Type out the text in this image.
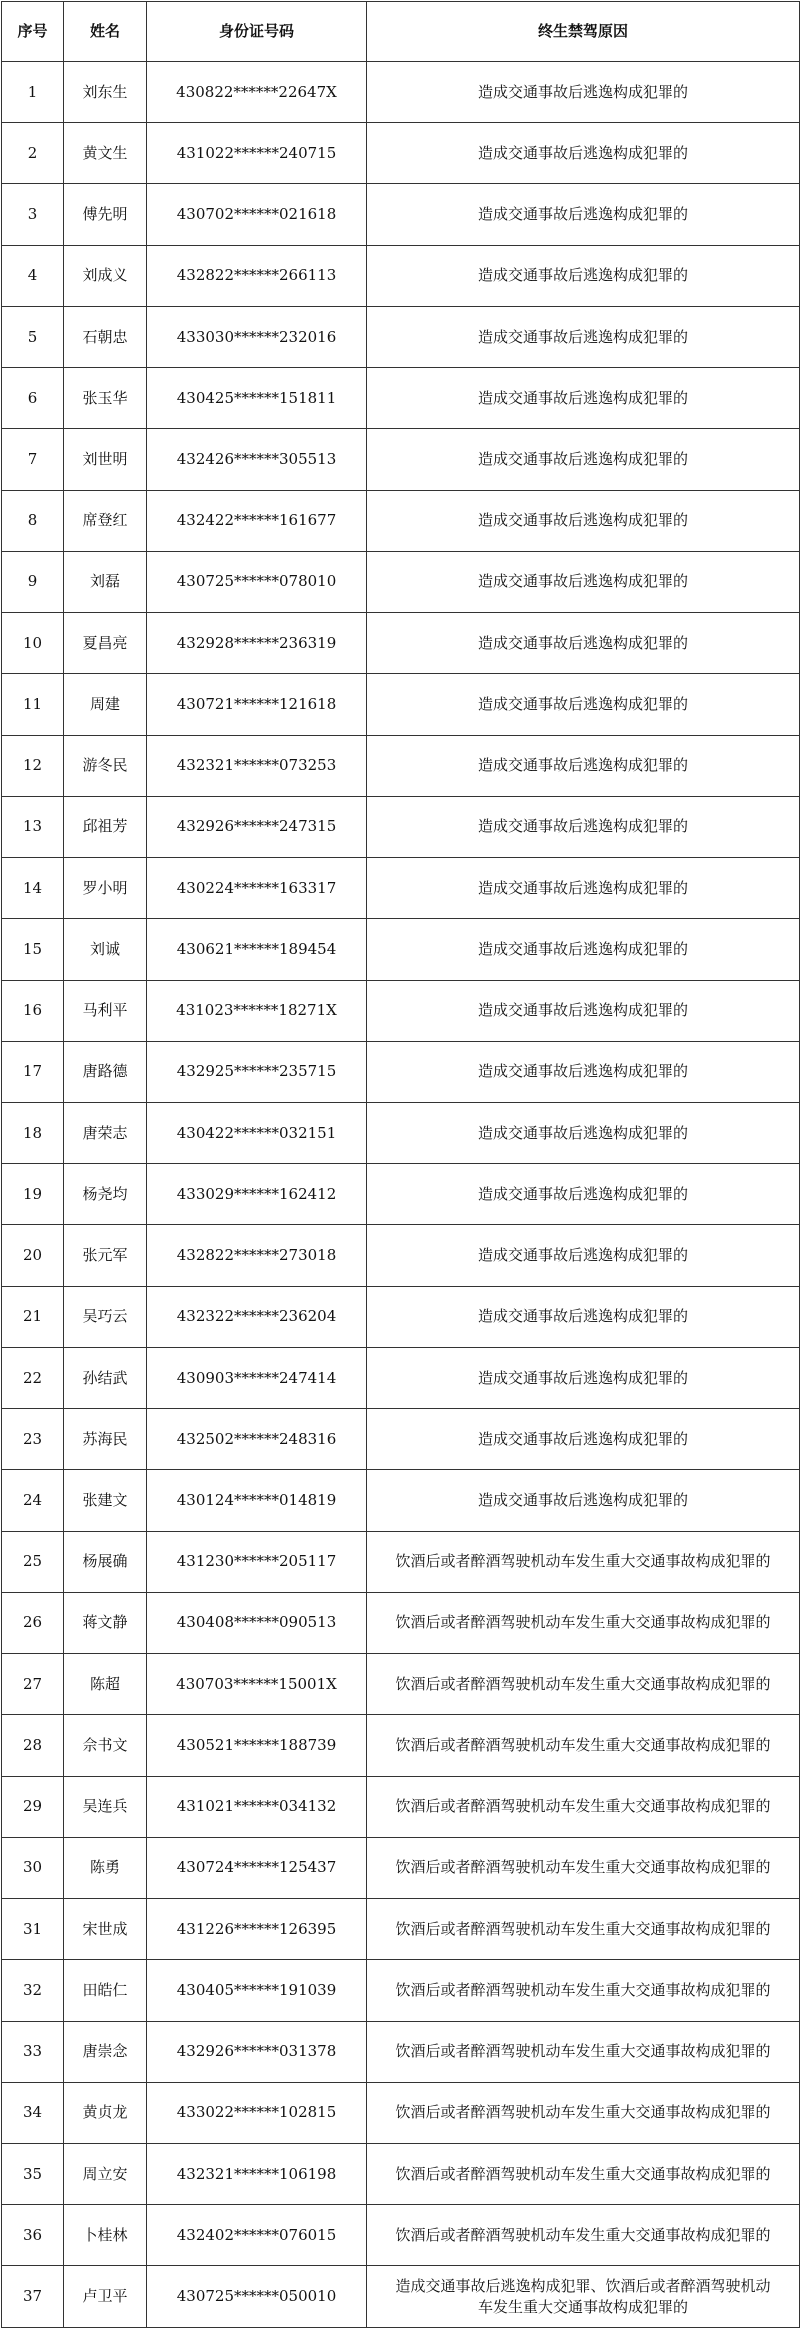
序号	姓名	身份证号码	终生禁驾原因
1	刘东生	430822******22647X	造成交通事故后逃逸构成犯罪的
2	黄文生	431022******240715	造成交通事故后逃逸构成犯罪的
3	傅先明	430702******021618	造成交通事故后逃逸构成犯罪的
4	刘成义	432822******266113	造成交通事故后逃逸构成犯罪的
5	石朝忠	433030******232016	造成交通事故后逃逸构成犯罪的
6	张玉华	430425******151811	造成交通事故后逃逸构成犯罪的
7	刘世明	432426******305513	造成交通事故后逃逸构成犯罪的
8	席登红	432422******161677	造成交通事故后逃逸构成犯罪的
9	刘磊	430725******078010	造成交通事故后逃逸构成犯罪的
10	夏昌亮	432928******236319	造成交通事故后逃逸构成犯罪的
11	周建	430721******121618	造成交通事故后逃逸构成犯罪的
12	游冬民	432321******073253	造成交通事故后逃逸构成犯罪的
13	邱祖芳	432926******247315	造成交通事故后逃逸构成犯罪的
14	罗小明	430224******163317	造成交通事故后逃逸构成犯罪的
15	刘诚	430621******189454	造成交通事故后逃逸构成犯罪的
16	马利平	431023******18271X	造成交通事故后逃逸构成犯罪的
17	唐路德	432925******235715	造成交通事故后逃逸构成犯罪的
18	唐荣志	430422******032151	造成交通事故后逃逸构成犯罪的
19	杨尧均	433029******162412	造成交通事故后逃逸构成犯罪的
20	张元军	432822******273018	造成交通事故后逃逸构成犯罪的
21	吴巧云	432322******236204	造成交通事故后逃逸构成犯罪的
22	孙结武	430903******247414	造成交通事故后逃逸构成犯罪的
23	苏海民	432502******248316	造成交通事故后逃逸构成犯罪的
24	张建文	430124******014819	造成交通事故后逃逸构成犯罪的
25	杨展确	431230******205117	饮酒后或者醉酒驾驶机动车发生重大交通事故构成犯罪的
26	蒋文静	430408******090513	饮酒后或者醉酒驾驶机动车发生重大交通事故构成犯罪的
27	陈超	430703******15001X	饮酒后或者醉酒驾驶机动车发生重大交通事故构成犯罪的
28	佘书文	430521******188739	饮酒后或者醉酒驾驶机动车发生重大交通事故构成犯罪的
29	吴连兵	431021******034132	饮酒后或者醉酒驾驶机动车发生重大交通事故构成犯罪的
30	陈勇	430724******125437	饮酒后或者醉酒驾驶机动车发生重大交通事故构成犯罪的
31	宋世成	431226******126395	饮酒后或者醉酒驾驶机动车发生重大交通事故构成犯罪的
32	田皓仁	430405******191039	饮酒后或者醉酒驾驶机动车发生重大交通事故构成犯罪的
33	唐崇念	432926******031378	饮酒后或者醉酒驾驶机动车发生重大交通事故构成犯罪的
34	黄贞龙	433022******102815	饮酒后或者醉酒驾驶机动车发生重大交通事故构成犯罪的
35	周立安	432321******106198	饮酒后或者醉酒驾驶机动车发生重大交通事故构成犯罪的
36	卜桂林	432402******076015	饮酒后或者醉酒驾驶机动车发生重大交通事故构成犯罪的
37	卢卫平	430725******050010	造成交通事故后逃逸构成犯罪、饮酒后或者醉酒驾驶机动车发生重大交通事故构成犯罪的
